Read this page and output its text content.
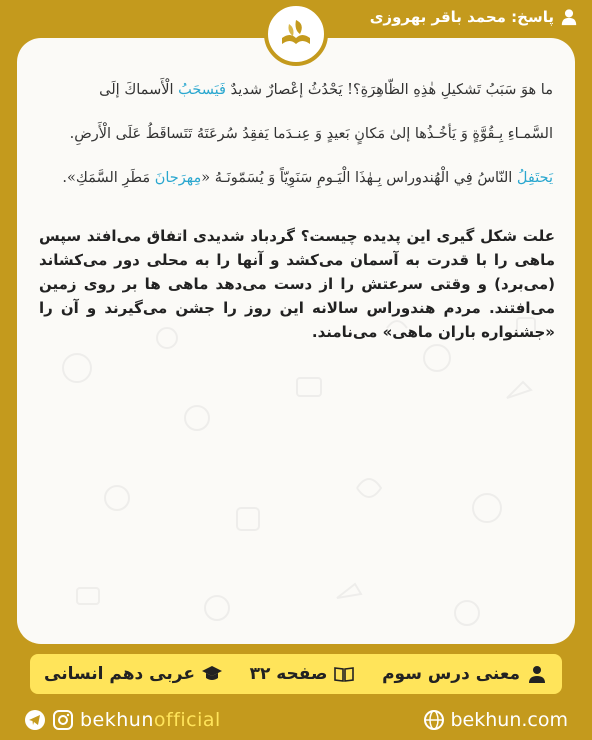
پاسخ: محمد باقر بهروزی
ما هوَ سَبَبُ تَشكيلِ هٰذِهِ الظّاهِرَةِ؟! يَحْدُثُ إعْصارٌ شديدٌ فَيَسحَبُ الْأَسماكَ إلَى
السَّمـاءِ بِـقُوَّةٍ وَ يَأخُـذُها إلىٰ مَكانٍ بَعيدٍ وَ عِنـدَما يَفقِدُ سُرعَتَهُ تَتَساقَطُ عَلَى الْأَرضِ.
يَحتَفِلُ النّاسُ فِي الْهُندوراس بِـهٰذَا الْيَـومِ سَنَوِيّاً وَ يُسَمّونَـهُ «مِهرَجانَ مَطَرِ السَّمَكِ».
علت شکل گیری این پدیده چیست؟ گردباد شدیدی اتفاق می‌افتد سپس ماهی را با قدرت به آسمان می‌کشد و آنها را به محلی دور می‌کشاند (می‌برد) و وقتی سرعتش را از دست می‌دهد ماهی ها بر روی زمین می‌افتند. مردم هندوراس سالانه این روز را جشن می‌گیرند و آن را «جشنواره باران ماهی» می‌نامند.
معنی درس سوم
صفحه ۳۲
عربی دهم انسانی
bekhunofficial	bekhun.com
